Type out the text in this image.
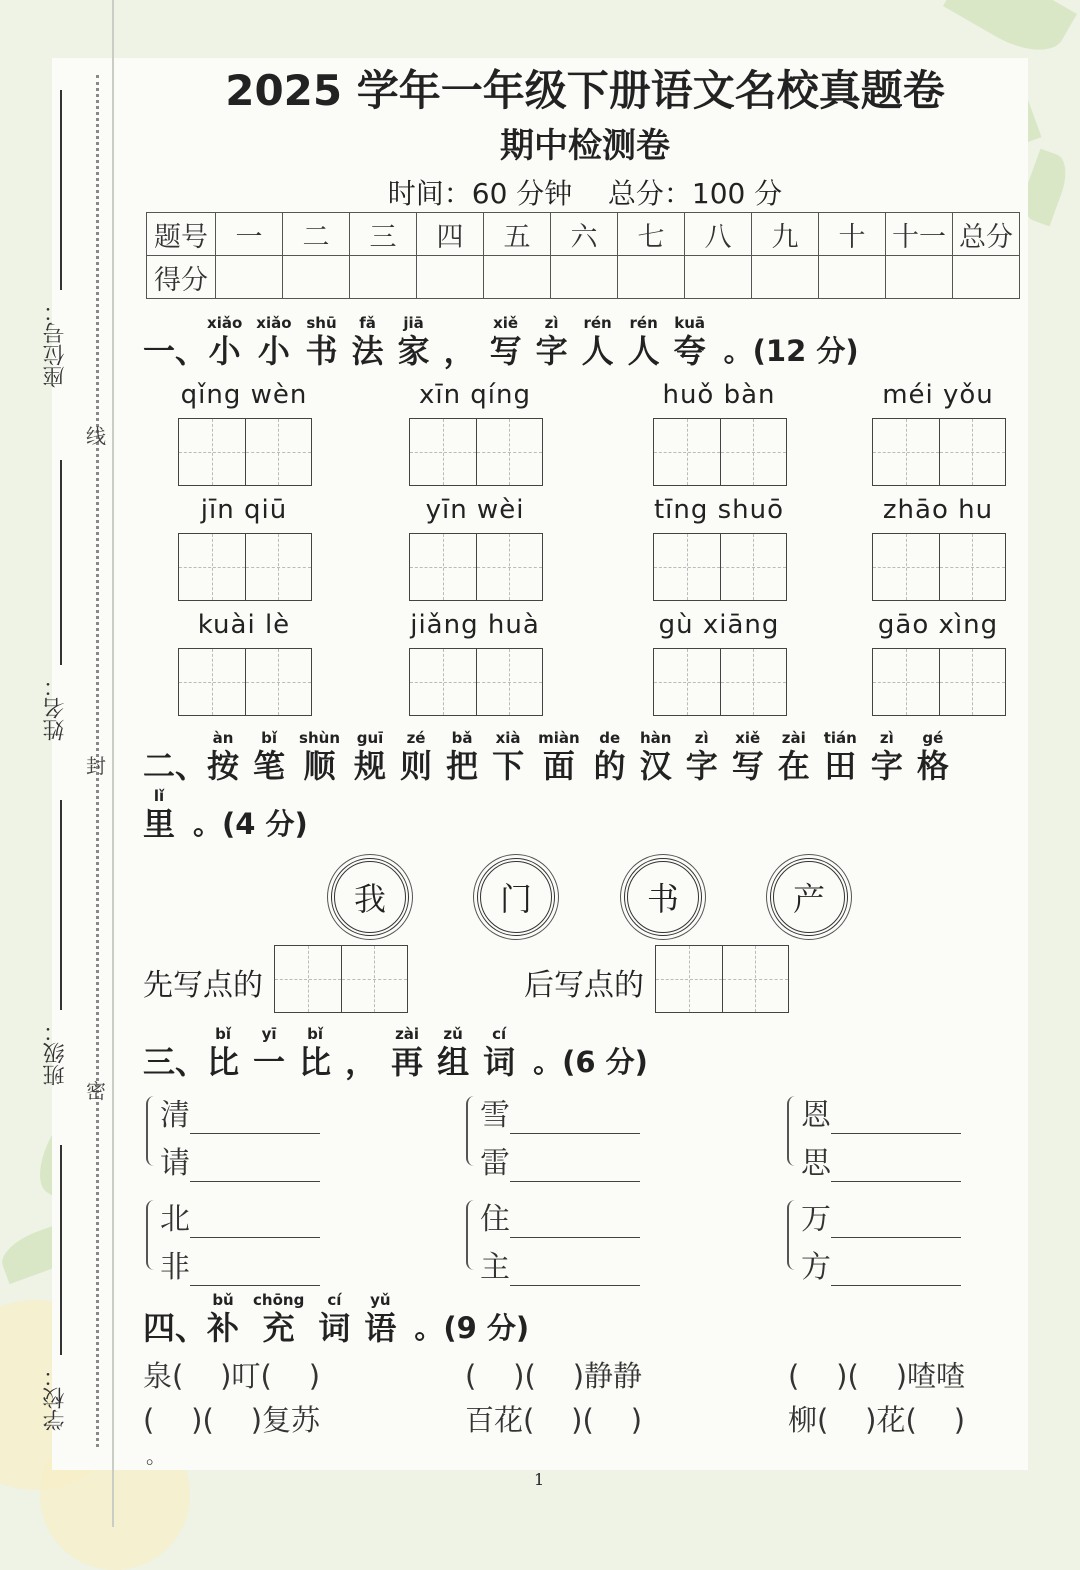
座位号：
姓名：
班级：
学校：
线
封
密
2025 学年一年级下册语文名校真题卷
期中检测卷
时间：60 分钟    总分：100 分
题号	一	二	三	四	五	六	七	八	九	十	十一	总分
得分												
一、
xiǎo
小
xiǎo
小
shū
书
fǎ
法
jiā
家 ，
xiě
写
zì
字
rén
人
rén
人
kuā
夸 。(12 分)
qǐng wèn	xīn qíng	huǒ bàn	méi yǒu
jīn qiū	yīn wèi	tīng shuō	zhāo hu
kuài lè	jiǎng huà	gù xiāng	gāo xìng
二、
àn
按
bǐ
笔
shùn
顺
guī
规
zé
则
bǎ
把
xià
下
miàn
面
de
的
hàn
汉
zì
字
xiě
写
zài
在
tián
田
zì
字
gé
格
lǐ
里 。(4 分)
我	门	书	产
先写点的	后写点的
三、
bǐ
比
yī
一
bǐ
比 ，
zài
再
zǔ
组
cí
词 。(6 分)
清
请
雪
雷
恩
思
北
非
住
主
万
方
四、
bǔ
补
chōng
充
cí
词
yǔ
语 。(9 分)
泉(    )叮(    )	(    )(    )静静	(    )(    )喳喳
(    )(    )复苏	百花(    )(    )	柳(    )花(    )
。
1
